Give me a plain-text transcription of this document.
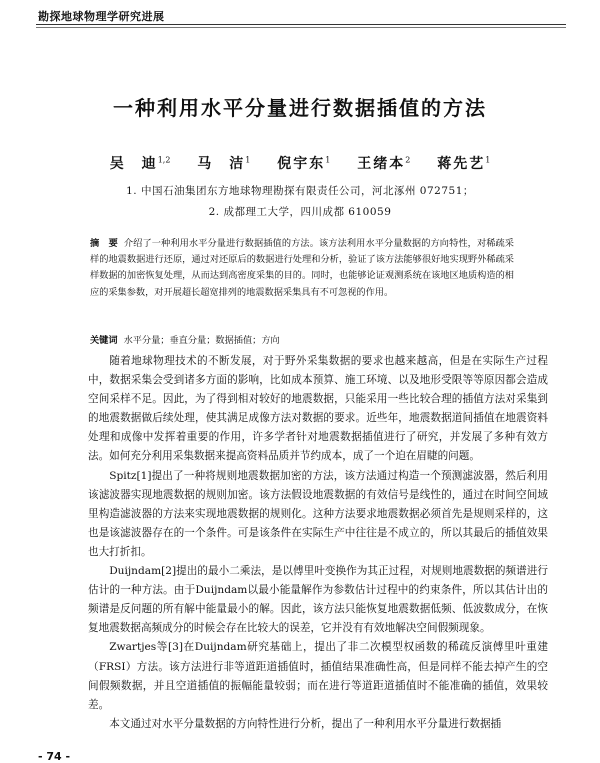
勘探地球物理学研究进展
一种利用水平分量进行数据插值的方法
吴　迪$^{1,2}$ 马　洁$^1$ 倪宇东$^1$ 王绪本$^2$ 蒋先艺$^1$
1. 中国石油集团东方地球物理勘探有限责任公司，河北涿州 072751；
2. 成都理工大学，四川成都 610059
摘　要 介绍了一种利用水平分量进行数据插值的方法。该方法利用水平分量数据的方向特性，对稀疏采样的地震数据进行还原，通过对还原后的数据进行处理和分析，验证了该方法能够很好地实现野外稀疏采样数据的加密恢复处理，从而达到高密度采集的目的。同时，也能够论证观测系统在该地区地质构造的相应的采集参数，对开展超长超宽排列的地震数据采集具有不可忽视的作用。
关键词 水平分量；垂直分量；数据插值；方向

随着地球物理技术的不断发展，对于野外采集数据的要求也越来越高，但是在实际生产过程中，数据采集会受到诸多方面的影响，比如成本预算、施工环境、以及地形受限等等原因都会造成空间采样不足。因此，为了得到相对较好的地震数据，只能采用一些比较合理的插值方法对采集到的地震数据做后续处理，使其满足成像方法对数据的要求。近些年，地震数据道间插值在地震资料处理和成像中发挥着重要的作用，许多学者针对地震数据插值进行了研究，并发展了多种有效方法。如何充分利用采集数据来提高资料品质并节约成本，成了一个迫在眉睫的问题。

Spitz[1]提出了一种将规则地震数据加密的方法，该方法通过构造一个预测滤波器，然后利用该滤波器实现地震数据的规则加密。该方法假设地震数据的有效信号是线性的，通过在时间空间域里构造滤波器的方法来实现地震数据的规则化。这种方法要求地震数据必须首先是规则采样的，这也是该滤波器存在的一个条件。可是该条件在实际生产中往往是不成立的，所以其最后的插值效果也大打折扣。

Duijndam[2]提出的最小二乘法，是以傅里叶变换作为其正过程，对规则地震数据的频谱进行估计的一种方法。由于Duijndam以最小能量解作为参数估计过程中的约束条件，所以其估计出的频谱是反问题的所有解中能量最小的解。因此，该方法只能恢复地震数据低频、低波数成分，在恢复地震数据高频成分的时候会存在比较大的误差，它并没有有效地解决空间假频现象。

Zwartjes等[3]在Duijndam研究基础上，提出了非二次模型权函数的稀疏反演傅里叶重建（FRSI）方法。该方法进行非等道距道插值时，插值结果准确性高，但是同样不能去掉产生的空间假频数据，并且空道插值的振幅能量较弱；而在进行等道距道插值时不能准确的插值，效果较差。

本文通过对水平分量数据的方向特性进行分析，提出了一种利用水平分量进行数据插

- 74 -
